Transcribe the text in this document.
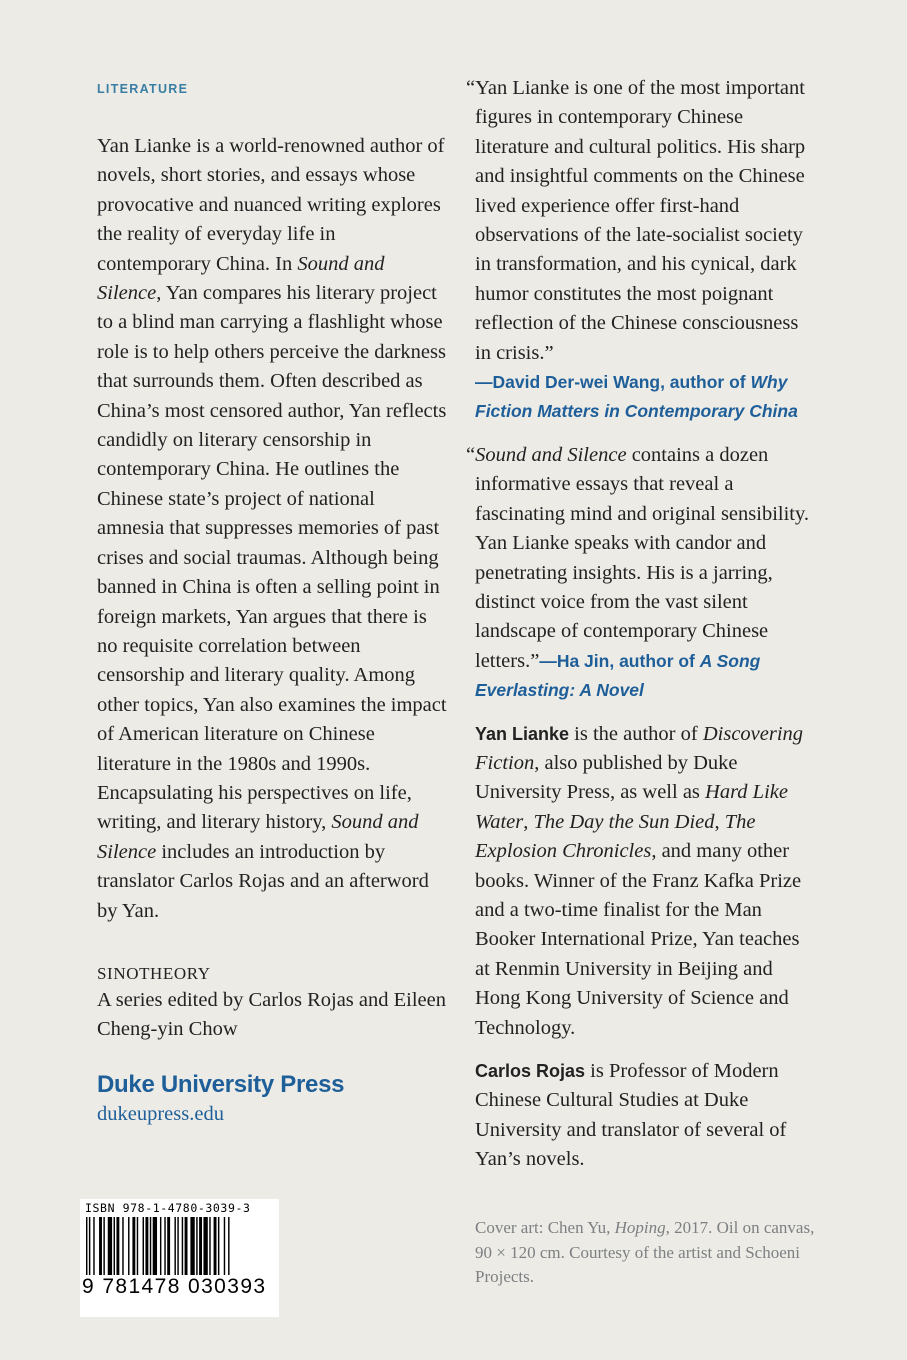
LITERATURE

Yan Lianke is a world-renowned author of novels, short stories, and essays whose provocative and nuanced writing explores the reality of everyday life in contemporary China. In Sound and Silence, Yan compares his literary project to a blind man carrying a flashlight whose role is to help others perceive the darkness that surrounds them. Often described as China’s most censored author, Yan reflects candidly on literary censorship in contemporary China. He outlines the Chinese state’s project of national amnesia that suppresses memories of past crises and social traumas. Although being banned in China is often a selling point in foreign markets, Yan argues that there is no requisite correlation between censorship and literary quality. Among other topics, Yan also examines the impact of American literature on Chinese literature in the 1980s and 1990s. Encapsulating his perspectives on life, writing, and literary history, Sound and Silence includes an introduction by translator Carlos Rojas and an afterword by Yan.

SINOTHEORY

A series edited by Carlos Rojas and Eileen Cheng-yin Chow

Duke University Press
dukeupress.edu

“Yan Lianke is one of the most important figures in contemporary Chinese literature and cultural politics. His sharp and insightful comments on the Chinese lived experience offer first-hand observations of the late-socialist society in transformation, and his cynical, dark humor constitutes the most poignant reflection of the Chinese consciousness in crisis.”

—David Der-wei Wang, author of Why Fiction Matters in Contemporary China

“Sound and Silence contains a dozen informative essays that reveal a fascinating mind and original sensibility. Yan Lianke speaks with candor and penetrating insights. His is a jarring, distinct voice from the vast silent landscape of contemporary Chinese letters.”—Ha Jin, author of A Song Everlasting: A Novel

Yan Lianke is the author of Discovering Fiction, also published by Duke University Press, as well as Hard Like Water, The Day the Sun Died, The Explosion Chronicles, and many other books. Winner of the Franz Kafka Prize and a two-time finalist for the Man Booker International Prize, Yan teaches at Renmin University in Beijing and Hong Kong University of Science and Technology.

Carlos Rojas is Professor of Modern Chinese Cultural Studies at Duke University and translator of several of Yan’s novels.

Cover art: Chen Yu, Hoping, 2017. Oil on canvas, 90 × 120 cm. Courtesy of the artist and Schoeni Projects.
ISBN 978-1-4780-3039-3
9 781478 030393
